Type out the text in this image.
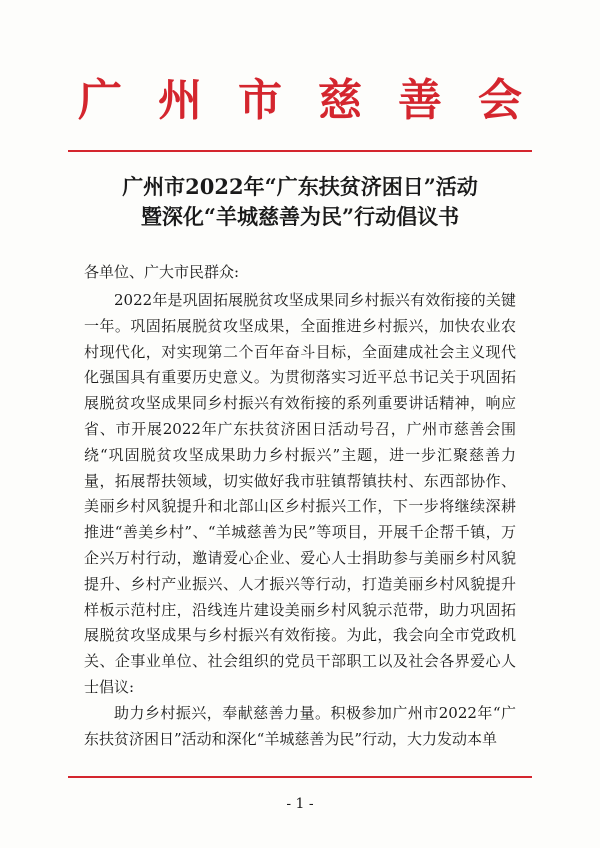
广州市慈善会
广州市2022年“广东扶贫济困日”活动
暨深化“羊城慈善为民”行动倡议书
各单位、广大市民群众:

2022年是巩固拓展脱贫攻坚成果同乡村振兴有效衔接的关键一年。巩固拓展脱贫攻坚成果，全面推进乡村振兴，加快农业农村现代化，对实现第二个百年奋斗目标，全面建成社会主义现代化强国具有重要历史意义。为贯彻落实习近平总书记关于巩固拓展脱贫攻坚成果同乡村振兴有效衔接的系列重要讲话精神，响应省、市开展2022年广东扶贫济困日活动号召，广州市慈善会围绕“巩固脱贫攻坚成果助力乡村振兴”主题，进一步汇聚慈善力量，拓展帮扶领域，切实做好我市驻镇帮镇扶村、东西部协作、美丽乡村风貌提升和北部山区乡村振兴工作，下一步将继续深耕推进“善美乡村”、“羊城慈善为民”等项目，开展千企帮千镇，万企兴万村行动，邀请爱心企业、爱心人士捐助参与美丽乡村风貌提升、乡村产业振兴、人才振兴等行动，打造美丽乡村风貌提升样板示范村庄，沿线连片建设美丽乡村风貌示范带，助力巩固拓展脱贫攻坚成果与乡村振兴有效衔接。为此，我会向全市党政机关、企事业单位、社会组织的党员干部职工以及社会各界爱心人士倡议:

助力乡村振兴，奉献慈善力量。积极参加广州市2022年“广东扶贫济困日”活动和深化“羊城慈善为民”行动，大力发动本单

- 1 -
